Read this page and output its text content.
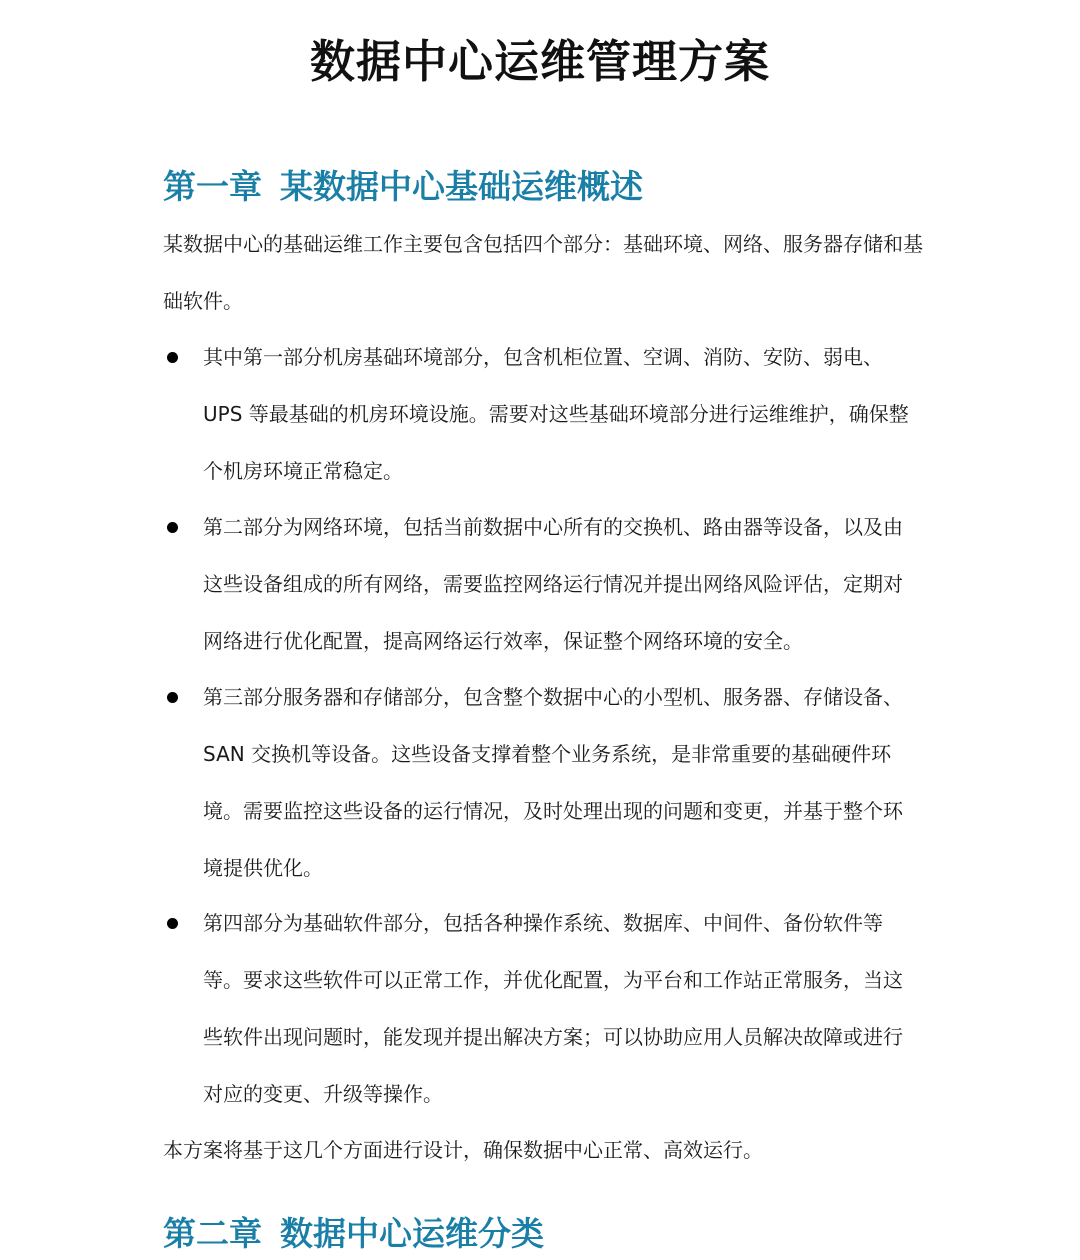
数据中心运维管理方案
第一章 某数据中心基础运维概述
某数据中心的基础运维工作主要包含包括四个部分：基础环境、网络、服务器存储和基础软件。
其中第一部分机房基础环境部分，包含机柜位置、空调、消防、安防、弱电、UPS 等最基础的机房环境设施。需要对这些基础环境部分进行运维维护，确保整个机房环境正常稳定。
第二部分为网络环境，包括当前数据中心所有的交换机、路由器等设备，以及由这些设备组成的所有网络，需要监控网络运行情况并提出网络风险评估，定期对网络进行优化配置，提高网络运行效率，保证整个网络环境的安全。
第三部分服务器和存储部分，包含整个数据中心的小型机、服务器、存储设备、SAN 交换机等设备。这些设备支撑着整个业务系统，是非常重要的基础硬件环境。需要监控这些设备的运行情况，及时处理出现的问题和变更，并基于整个环境提供优化。
第四部分为基础软件部分，包括各种操作系统、数据库、中间件、备份软件等等。要求这些软件可以正常工作，并优化配置，为平台和工作站正常服务，当这些软件出现问题时，能发现并提出解决方案；可以协助应用人员解决故障或进行对应的变更、升级等操作。
本方案将基于这几个方面进行设计，确保数据中心正常、高效运行。
第二章 数据中心运维分类
